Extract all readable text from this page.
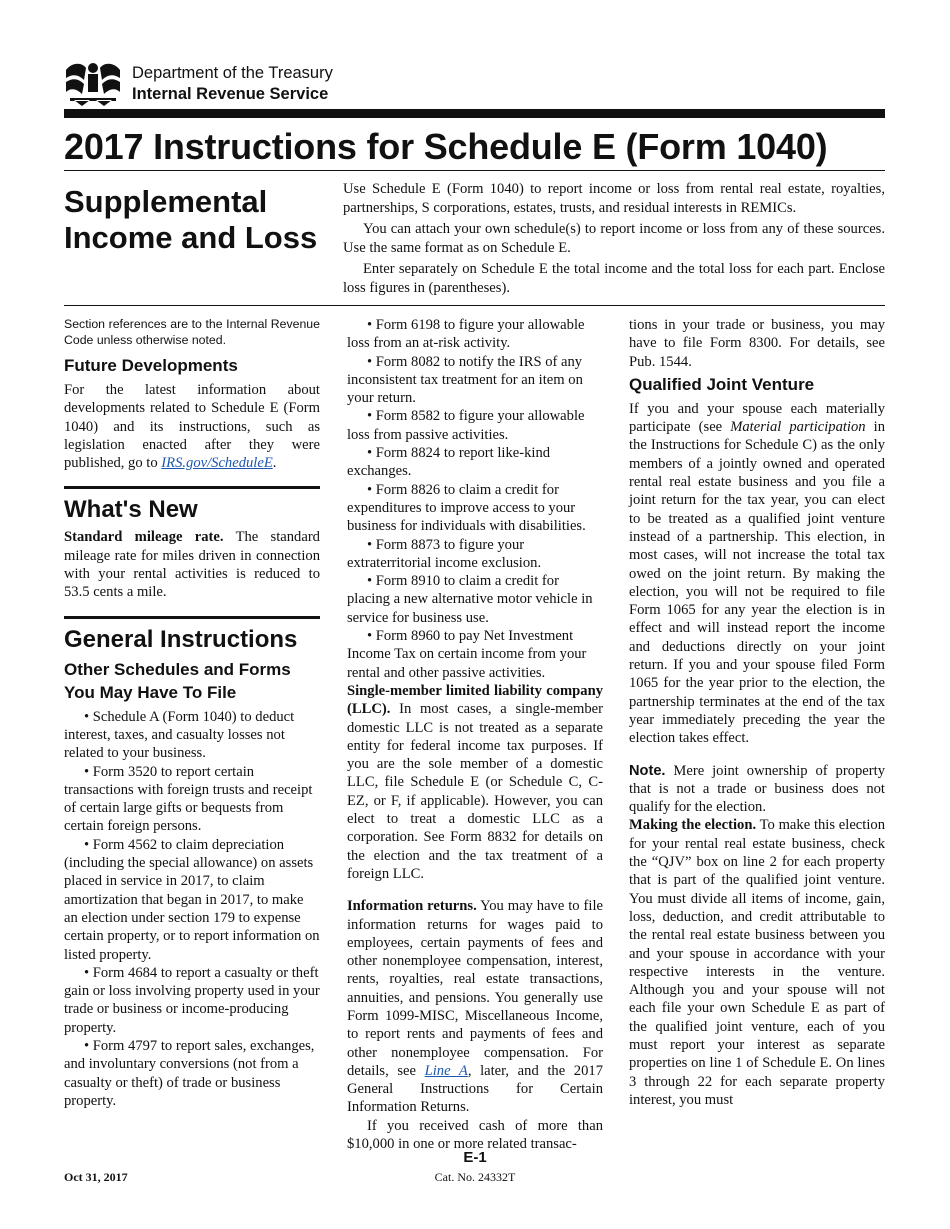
Department of the Treasury
Internal Revenue Service
2017 Instructions for Schedule E (Form 1040)
Supplemental Income and Loss

Use Schedule E (Form 1040) to report income or loss from rental real estate, royalties, partnerships, S corporations, estates, trusts, and residual interests in REMICs.

You can attach your own schedule(s) to report income or loss from any of these sources. Use the same format as on Schedule E.

Enter separately on Schedule E the total income and the total loss for each part. Enclose loss figures in (parentheses).

Section references are to the Internal Revenue Code unless otherwise noted.

Future Developments

For the latest information about developments related to Schedule E (Form 1040) and its instructions, such as legislation enacted after they were published, go to IRS.gov/ScheduleE.

What's New

Standard mileage rate. The standard mileage rate for miles driven in connection with your rental activities is reduced to 53.5 cents a mile.

General Instructions
Other Schedules and Forms You May Have To File

• Schedule A (Form 1040) to deduct interest, taxes, and casualty losses not related to your business.

• Form 3520 to report certain transactions with foreign trusts and receipt of certain large gifts or bequests from certain foreign persons.

• Form 4562 to claim depreciation (including the special allowance) on assets placed in service in 2017, to claim amortization that began in 2017, to make an election under section 179 to expense certain property, or to report information on listed property.

• Form 4684 to report a casualty or theft gain or loss involving property used in your trade or business or income-producing property.

• Form 4797 to report sales, exchanges, and involuntary conversions (not from a casualty or theft) of trade or business property.

• Form 6198 to figure your allowable loss from an at-risk activity.

• Form 8082 to notify the IRS of any inconsistent tax treatment for an item on your return.

• Form 8582 to figure your allowable loss from passive activities.

• Form 8824 to report like-kind exchanges.

• Form 8826 to claim a credit for expenditures to improve access to your business for individuals with disabilities.

• Form 8873 to figure your extraterritorial income exclusion.

• Form 8910 to claim a credit for placing a new alternative motor vehicle in service for business use.

• Form 8960 to pay Net Investment Income Tax on certain income from your rental and other passive activities.

Single-member limited liability company (LLC). In most cases, a single-member domestic LLC is not treated as a separate entity for federal income tax purposes. If you are the sole member of a domestic LLC, file Schedule E (or Schedule C, C-EZ, or F, if applicable). However, you can elect to treat a domestic LLC as a corporation. See Form 8832 for details on the election and the tax treatment of a foreign LLC.

Information returns. You may have to file information returns for wages paid to employees, certain payments of fees and other nonemployee compensation, interest, rents, royalties, real estate transactions, annuities, and pensions. You generally use Form 1099-MISC, Miscellaneous Income, to report rents and payments of fees and other nonemployee compensation. For details, see Line A, later, and the 2017 General Instructions for Certain Information Returns.

If you received cash of more than $10,000 in one or more related transac-

tions in your trade or business, you may have to file Form 8300. For details, see Pub. 1544.

Qualified Joint Venture

If you and your spouse each materially participate (see Material participation in the Instructions for Schedule C) as the only members of a jointly owned and operated rental real estate business and you file a joint return for the tax year, you can elect to be treated as a qualified joint venture instead of a partnership. This election, in most cases, will not increase the total tax owed on the joint return. By making the election, you will not be required to file Form 1065 for any year the election is in effect and will instead report the income and deductions directly on your joint return. If you and your spouse filed Form 1065 for the year prior to the election, the partnership terminates at the end of the tax year immediately preceding the year the election takes effect.

Note. Mere joint ownership of property that is not a trade or business does not qualify for the election.

Making the election. To make this election for your rental real estate business, check the “QJV” box on line 2 for each property that is part of the qualified joint venture. You must divide all items of income, gain, loss, deduction, and credit attributable to the rental real estate business between you and your spouse in accordance with your respective interests in the venture. Although you and your spouse will not each file your own Schedule E as part of the qualified joint venture, each of you must report your interest as separate properties on line 1 of Schedule E. On lines 3 through 22 for each separate property interest, you must

E-1
Oct 31, 2017	Cat. No. 24332T
